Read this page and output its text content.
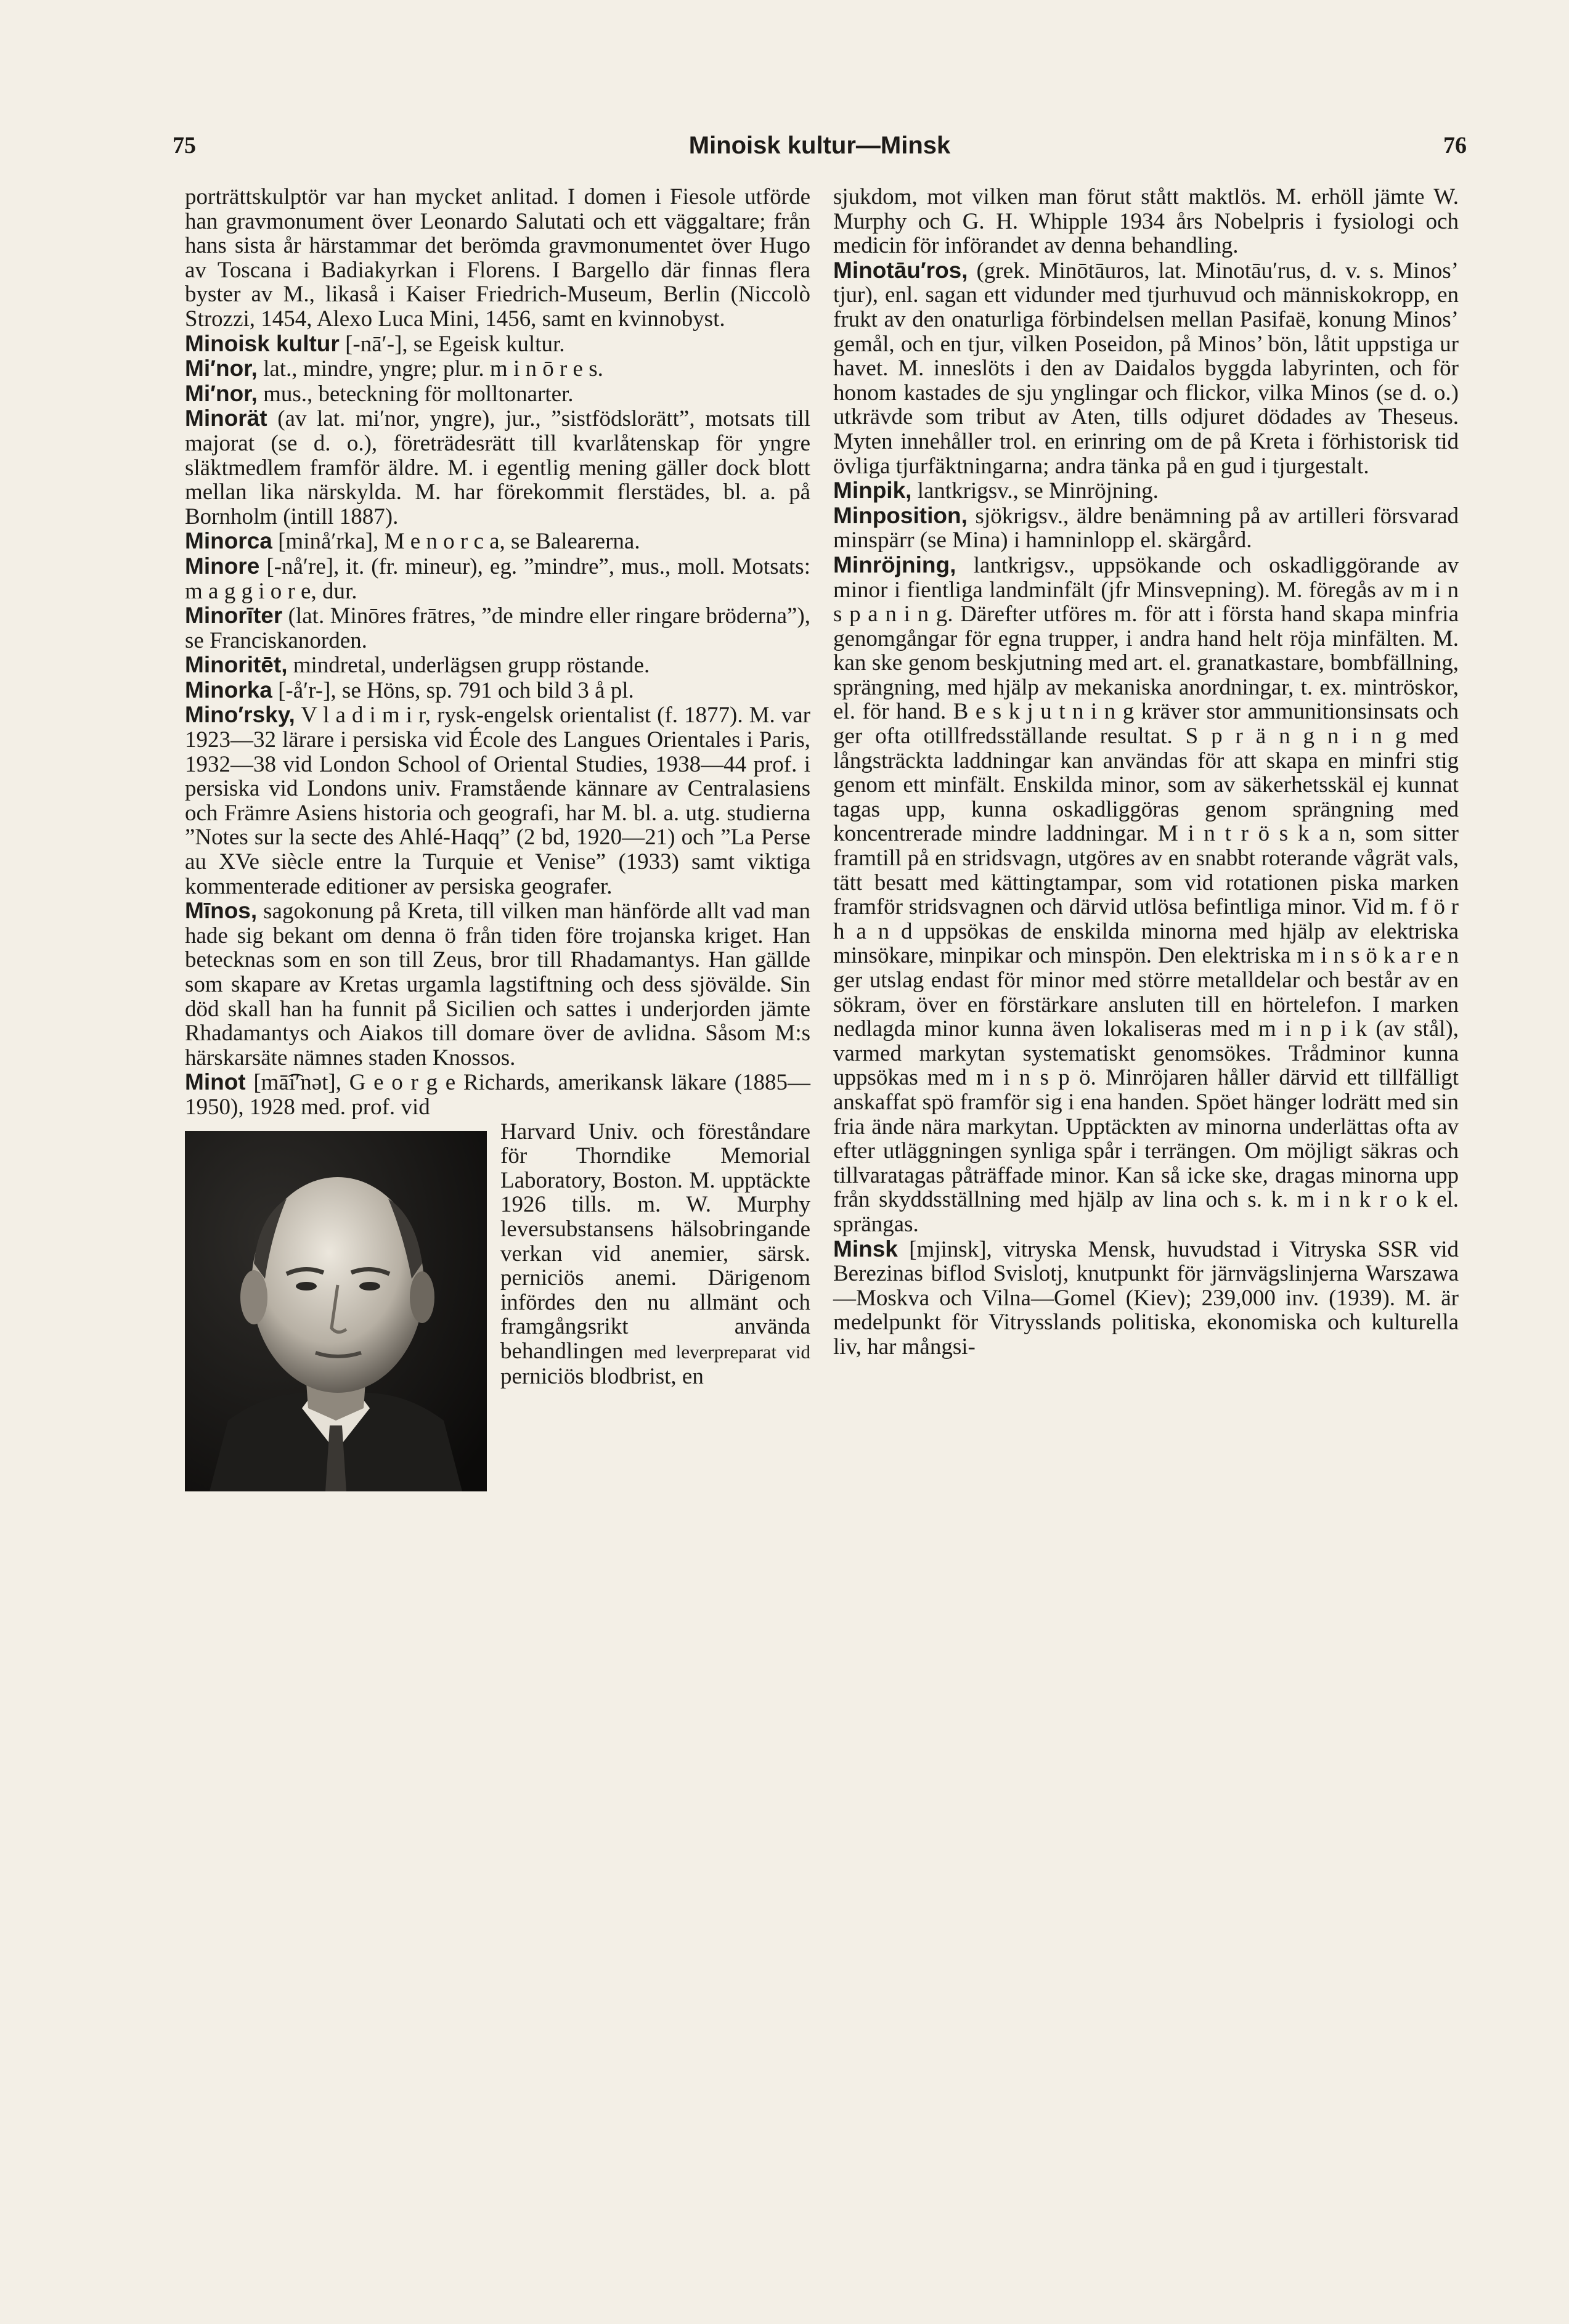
75	Minoisk kultur—Minsk	76

porträttskulptör var han mycket anlitad. I domen i Fiesole utförde han gravmonument över Leonardo Salutati och ett väggaltare; från hans sista år härstammar det berömda gravmonumentet över Hugo av Toscana i Badiakyrkan i Florens. I Bargello där finnas flera byster av M., likaså i Kaiser Friedrich-Museum, Berlin (Niccolò Strozzi, 1454, Alexo Luca Mini, 1456, samt en kvinnobyst.

Minoisk kultur [-nā′-], se Egeisk kultur.

Mi′nor, lat., mindre, yngre; plur. m i n ō r e s.

Mi′nor, mus., beteckning för molltonarter.

Minorät (av lat. mi′nor, yngre), jur., ”sistfödslorätt”, motsats till majorat (se d. o.), företrädesrätt till kvarlåtenskap för yngre släktmedlem framför äldre. M. i egentlig mening gäller dock blott mellan lika närskylda. M. har förekommit flerstädes, bl. a. på Bornholm (intill 1887).

Minorca [minå′rka], M e n o r c a, se Balearerna.

Minore [-nå′re], it. (fr. mineur), eg. ”mindre”, mus., moll. Motsats: m a g g i o r e, dur.

Minorīter (lat. Minōres frātres, ”de mindre eller ringare bröderna”), se Franciskanorden.

Minoritēt, mindretal, underlägsen grupp röstande.

Minorka [-å′r-], se Höns, sp. 791 och bild 3 å pl.

Mino′rsky, V l a d i m i r, rysk-engelsk orientalist (f. 1877). M. var 1923—32 lärare i persiska vid École des Langues Orientales i Paris, 1932—38 vid London School of Oriental Studies, 1938—44 prof. i persiska vid Londons univ. Framstående kännare av Centralasiens och Främre Asiens historia och geografi, har M. bl. a. utg. studierna ”Notes sur la secte des Ahlé-Haqq” (2 bd, 1920—21) och ”La Perse au XVe siècle entre la Turquie et Venise” (1933) samt viktiga kommenterade editioner av persiska geografer.

Mīnos, sagokonung på Kreta, till vilken man hänförde allt vad man hade sig bekant om denna ö från tiden före trojanska kriget. Han betecknas som en son till Zeus, bror till Rhadamantys. Han gällde som skapare av Kretas urgamla lagstiftning och dess sjövälde. Sin död skall han ha funnit på Sicilien och sattes i underjorden jämte Rhadamantys och Aiakos till domare över de avlidna. Såsom M:s härskarsäte nämnes staden Knossos.

Minot [mā͡i′nət], G e o r g e Richards, amerikansk läkare (1885—1950), 1928 med. prof. vid

Harvard Univ. och föreståndare för Thorndike Memorial Laboratory, Boston. M. upptäckte 1926 tills. m. W. Murphy leversubstansens hälsobringande verkan vid anemier, särsk. perniciös anemi. Därigenom infördes den nu allmänt och framgångsrikt använda behandlingen med leverpreparat vid perniciös blodbrist, en

sjukdom, mot vilken man förut stått maktlös. M. erhöll jämte W. Murphy och G. H. Whipple 1934 års Nobelpris i fysiologi och medicin för införandet av denna behandling.

Minotāu′ros, (grek. Minōtāuros, lat. Minotāu′rus, d. v. s. Minos’ tjur), enl. sagan ett vidunder med tjurhuvud och människokropp, en frukt av den onaturliga förbindelsen mellan Pasifaë, konung Minos’ gemål, och en tjur, vilken Poseidon, på Minos’ bön, låtit uppstiga ur havet. M. inneslöts i den av Daidalos byggda labyrinten, och för honom kastades de sju ynglingar och flickor, vilka Minos (se d. o.) utkrävde som tribut av Aten, tills odjuret dödades av Theseus. Myten innehåller trol. en erinring om de på Kreta i förhistorisk tid övliga tjurfäktningarna; andra tänka på en gud i tjurgestalt.

Minpik, lantkrigsv., se Minröjning.

Minposition, sjökrigsv., äldre benämning på av artilleri försvarad minspärr (se Mina) i hamninlopp el. skärgård.

Minröjning, lantkrigsv., uppsökande och oskadliggörande av minor i fientliga landminfält (jfr Minsvepning). M. föregås av m i n s p a n i n g. Därefter utföres m. för att i första hand skapa minfria genomgångar för egna trupper, i andra hand helt röja minfälten. M. kan ske genom beskjutning med art. el. granatkastare, bombfällning, sprängning, med hjälp av mekaniska anordningar, t. ex. mintröskor, el. för hand. B e s k j u t n i n g kräver stor ammunitionsinsats och ger ofta otillfredsställande resultat. S p r ä n g n i n g med långsträckta laddningar kan användas för att skapa en minfri stig genom ett minfält. Enskilda minor, som av säkerhetsskäl ej kunnat tagas upp, kunna oskadliggöras genom sprängning med koncentrerade mindre laddningar. M i n t r ö s k a n, som sitter framtill på en stridsvagn, utgöres av en snabbt roterande vågrät vals, tätt besatt med kättingtampar, som vid rotationen piska marken framför stridsvagnen och därvid utlösa befintliga minor. Vid m. f ö r h a n d uppsökas de enskilda minorna med hjälp av elektriska minsökare, minpikar och minspön. Den elektriska m i n s ö k a r e n ger utslag endast för minor med större metalldelar och består av en sökram, över en förstärkare ansluten till en hörtelefon. I marken nedlagda minor kunna även lokaliseras med m i n p i k (av stål), varmed markytan systematiskt genomsökes. Trådminor kunna uppsökas med m i n s p ö. Minröjaren håller därvid ett tillfälligt anskaffat spö framför sig i ena handen. Spöet hänger lodrätt med sin fria ände nära markytan. Upptäckten av minorna underlättas ofta av efter utläggningen synliga spår i terrängen. Om möjligt säkras och tillvaratagas påträffade minor. Kan så icke ske, dragas minorna upp från skyddsställning med hjälp av lina och s. k. m i n k r o k el. sprängas.

Minsk [mjinsk], vitryska Mensk, huvudstad i Vitryska SSR vid Berezinas biflod Svislotj, knutpunkt för järnvägslinjerna Warszawa—Moskva och Vilna—Gomel (Kiev); 239,000 inv. (1939). M. är medelpunkt för Vitrysslands politiska, ekonomiska och kulturella liv, har mångsi-
